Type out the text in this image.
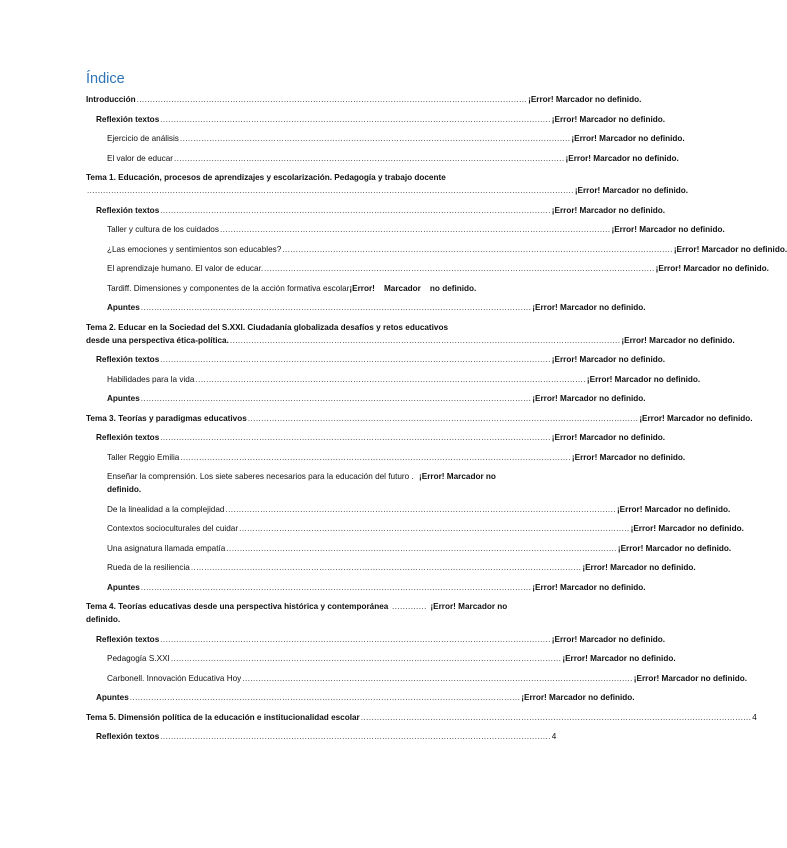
Índice
Introducción .................................................................................................................................................. ¡Error! Marcador no definido.
Reflexión textos .................................................................................................................................................. ¡Error! Marcador no definido.
Ejercicio de análisis .................................................................................................................................................. ¡Error! Marcador no definido.
El valor de educar .................................................................................................................................................. ¡Error! Marcador no definido.
Tema 1. Educación, procesos de aprendizajes y escolarización. Pedagogía y trabajo docente
...................................................................................................................................................................................... ¡Error! Marcador no definido.
Reflexión textos .................................................................................................................................................. ¡Error! Marcador no definido.
Taller y cultura de los cuidados .................................................................................................................................................. ¡Error! Marcador no definido.
¿Las emociones y sentimientos son educables? .................................................................................................................................................. ¡Error! Marcador no definido.
El aprendizaje humano. El valor de educar. .................................................................................................................................................. ¡Error! Marcador no definido.
Tardiff. Dimensiones y componentes de la acción formativa escolar ¡Error!    Marcador    no definido.
Apuntes .................................................................................................................................................. ¡Error! Marcador no definido.
Tema 2. Educar en la Sociedad del S.XXI. Ciudadanía globalizada desafíos y retos educativos
desde una perspectiva ética-política. .................................................................................................................................................. ¡Error! Marcador no definido.
Reflexión textos .................................................................................................................................................. ¡Error! Marcador no definido.
Habilidades para la vida .................................................................................................................................................. ¡Error! Marcador no definido.
Apuntes .................................................................................................................................................. ¡Error! Marcador no definido.
Tema 3. Teorías y paradigmas educativos .................................................................................................................................................. ¡Error! Marcador no definido.
Reflexión textos .................................................................................................................................................. ¡Error! Marcador no definido.
Taller Reggio Emilia .................................................................................................................................................. ¡Error! Marcador no definido.
Enseñar la comprensión. Los siete saberes necesarios para la educación del futuro . ¡Error! Marcador no definido.
De la linealidad a la complejidad .................................................................................................................................................. ¡Error! Marcador no definido.
Contextos socioculturales del cuidar .................................................................................................................................................. ¡Error! Marcador no definido.
Una asignatura llamada empatía .................................................................................................................................................. ¡Error! Marcador no definido.
Rueda de la resiliencia .................................................................................................................................................. ¡Error! Marcador no definido.
Apuntes .................................................................................................................................................. ¡Error! Marcador no definido.
Tema 4. Teorías educativas desde una perspectiva histórica y contemporánea ............. ¡Error! Marcador no definido.
Reflexión textos .................................................................................................................................................. ¡Error! Marcador no definido.
Pedagogía S.XXI .................................................................................................................................................. ¡Error! Marcador no definido.
Carbonell. Innovación Educativa Hoy .................................................................................................................................................. ¡Error! Marcador no definido.
Apuntes .................................................................................................................................................. ¡Error! Marcador no definido.
Tema 5. Dimensión política de la educación e institucionalidad escolar .................................................................................................................................................. 4
Reflexión textos .................................................................................................................................................. 4
